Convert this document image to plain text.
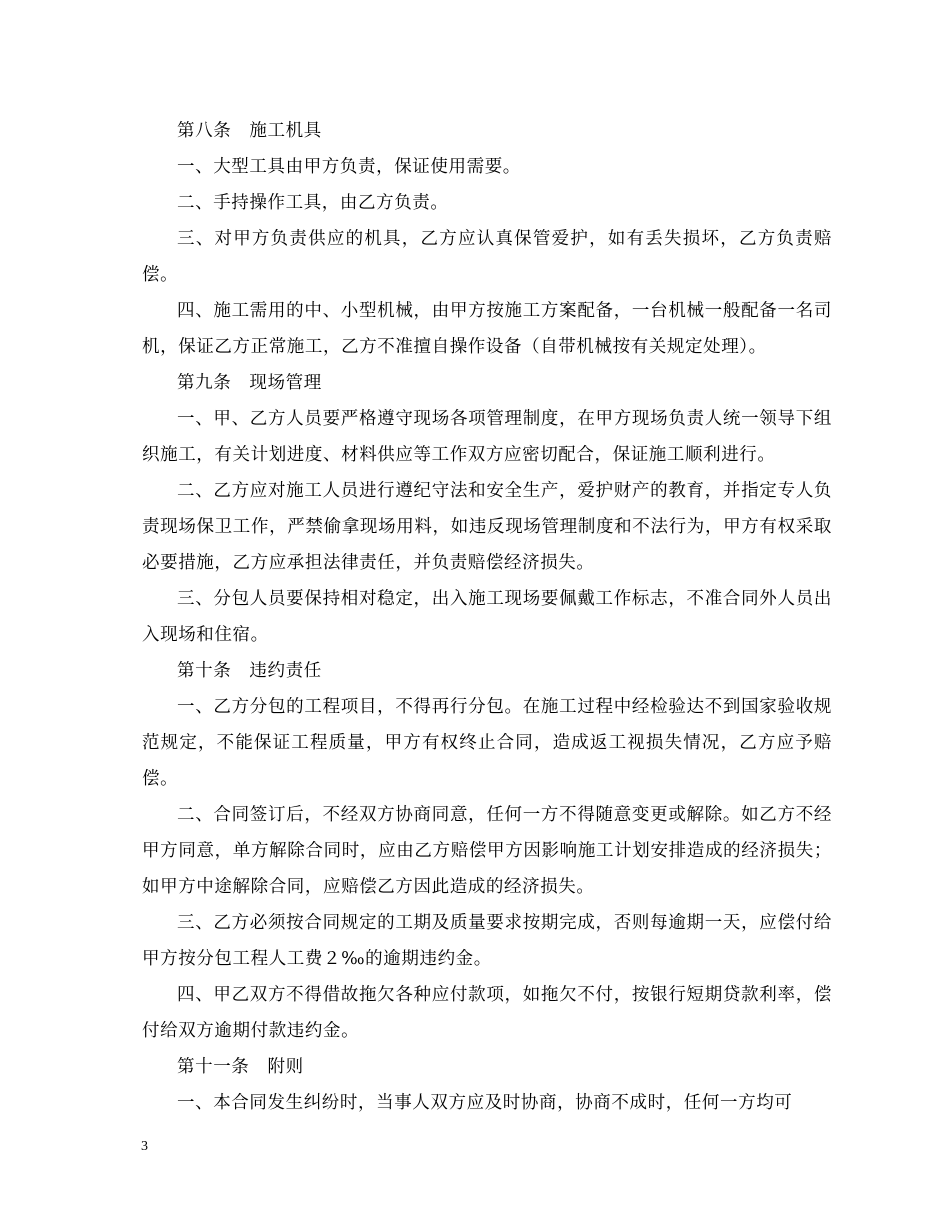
第八条　施工机具

一、大型工具由甲方负责，保证使用需要。

二、手持操作工具，由乙方负责。

三、对甲方负责供应的机具，乙方应认真保管爱护，如有丢失损坏，乙方负责赔偿。

四、施工需用的中、小型机械，由甲方按施工方案配备，一台机械一般配备一名司机，保证乙方正常施工，乙方不准擅自操作设备（自带机械按有关规定处理）。

第九条　现场管理

一、甲、乙方人员要严格遵守现场各项管理制度，在甲方现场负责人统一领导下组织施工，有关计划进度、材料供应等工作双方应密切配合，保证施工顺利进行。

二、乙方应对施工人员进行遵纪守法和安全生产，爱护财产的教育，并指定专人负责现场保卫工作，严禁偷拿现场用料，如违反现场管理制度和不法行为，甲方有权采取必要措施，乙方应承担法律责任，并负责赔偿经济损失。

三、分包人员要保持相对稳定，出入施工现场要佩戴工作标志，不准合同外人员出入现场和住宿。

第十条　违约责任

一、乙方分包的工程项目，不得再行分包。在施工过程中经检验达不到国家验收规范规定，不能保证工程质量，甲方有权终止合同，造成返工视损失情况，乙方应予赔偿。

二、合同签订后，不经双方协商同意，任何一方不得随意变更或解除。如乙方不经甲方同意，单方解除合同时，应由乙方赔偿甲方因影响施工计划安排造成的经济损失；如甲方中途解除合同，应赔偿乙方因此造成的经济损失。

三、乙方必须按合同规定的工期及质量要求按期完成，否则每逾期一天，应偿付给甲方按分包工程人工费２‰的逾期违约金。

四、甲乙双方不得借故拖欠各种应付款项，如拖欠不付，按银行短期贷款利率，偿付给双方逾期付款违约金。

第十一条　附则

一、本合同发生纠纷时，当事人双方应及时协商，协商不成时，任何一方均可

3
